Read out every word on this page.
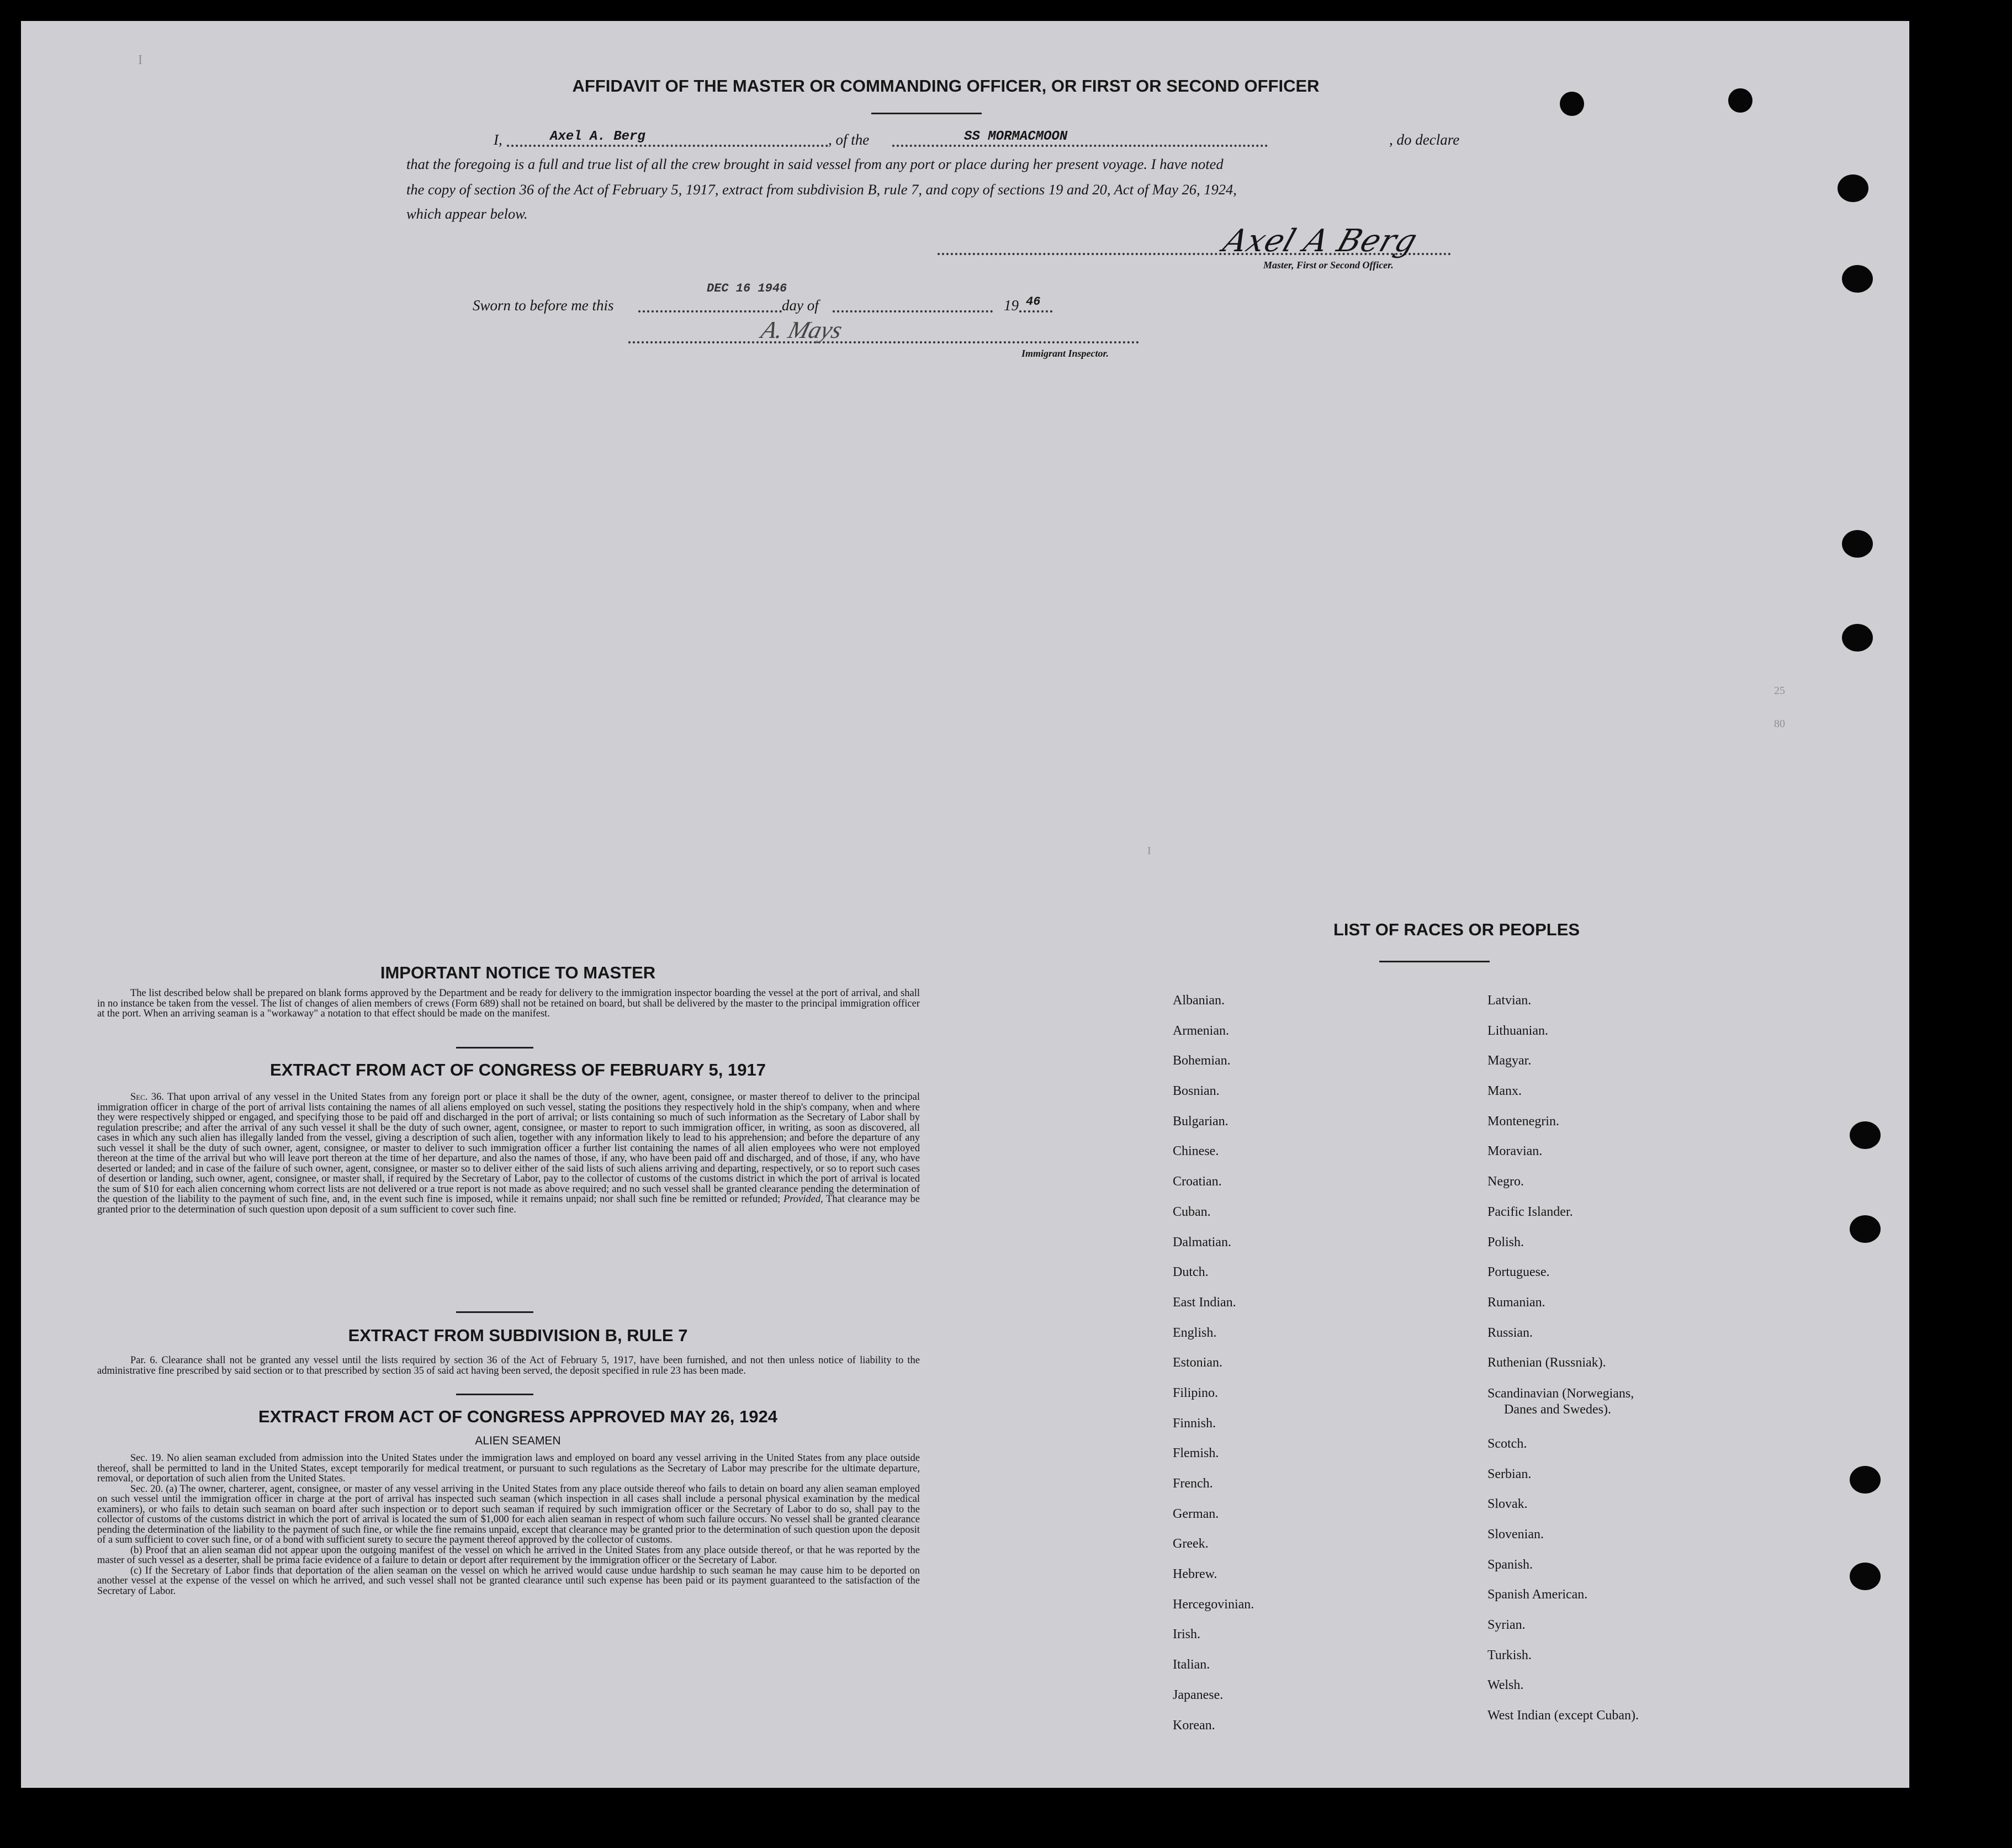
I
25
80
I
AFFIDAVIT OF THE MASTER OR COMMANDING OFFICER, OR FIRST OR SECOND OFFICER
I,	Axel A. Berg	, of the	SS MORMACMOON	, do declare
that the foregoing is a full and true list of all the crew brought in said vessel from any port or place during her present voyage. I have noted
the copy of section 36 of the Act of February 5, 1917, extract from subdivision B, rule 7, and copy of sections 19 and 20, Act of May 26, 1924,
which appear below.
Axel A Berg
Master, First or Second Officer.
Sworn to before me this
DEC 16 1946
day of	19 46
A. Mays
Immigrant Inspector.
IMPORTANT NOTICE TO MASTER

The list described below shall be prepared on blank forms approved by the Department and be ready for delivery to the immigration inspector boarding the vessel at the port of arrival, and shall in no instance be taken from the vessel. The list of changes of alien members of crews (Form 689) shall not be retained on board, but shall be delivered by the master to the principal immigration officer at the port. When an arriving seaman is a "workaway" a notation to that effect should be made on the manifest.

EXTRACT FROM ACT OF CONGRESS OF FEBRUARY 5, 1917

Sec. 36. That upon arrival of any vessel in the United States from any foreign port or place it shall be the duty of the owner, agent, consignee, or master thereof to deliver to the principal immigration officer in charge of the port of arrival lists containing the names of all aliens employed on such vessel, stating the positions they respectively hold in the ship's company, when and where they were respectively shipped or engaged, and specifying those to be paid off and discharged in the port of arrival; or lists containing so much of such information as the Secretary of Labor shall by regulation prescribe; and after the arrival of any such vessel it shall be the duty of such owner, agent, consignee, or master to report to such immigration officer, in writing, as soon as discovered, all cases in which any such alien has illegally landed from the vessel, giving a description of such alien, together with any information likely to lead to his apprehension; and before the departure of any such vessel it shall be the duty of such owner, agent, consignee, or master to deliver to such immigration officer a further list containing the names of all alien employees who were not employed thereon at the time of the arrival but who will leave port thereon at the time of her departure, and also the names of those, if any, who have been paid off and discharged, and of those, if any, who have deserted or landed; and in case of the failure of such owner, agent, consignee, or master so to deliver either of the said lists of such aliens arriving and departing, respectively, or so to report such cases of desertion or landing, such owner, agent, consignee, or master shall, if required by the Secretary of Labor, pay to the collector of customs of the customs district in which the port of arrival is located the sum of $10 for each alien concerning whom correct lists are not delivered or a true report is not made as above required; and no such vessel shall be granted clearance pending the determination of the question of the liability to the payment of such fine, and, in the event such fine is imposed, while it remains unpaid; nor shall such fine be remitted or refunded; Provided, That clearance may be granted prior to the determination of such question upon deposit of a sum sufficient to cover such fine.

EXTRACT FROM SUBDIVISION B, RULE 7

Par. 6. Clearance shall not be granted any vessel until the lists required by section 36 of the Act of February 5, 1917, have been furnished, and not then unless notice of liability to the administrative fine prescribed by said section or to that prescribed by section 35 of said act having been served, the deposit specified in rule 23 has been made.

EXTRACT FROM ACT OF CONGRESS APPROVED MAY 26, 1924
ALIEN SEAMEN

Sec. 19. No alien seaman excluded from admission into the United States under the immigration laws and employed on board any vessel arriving in the United States from any place outside thereof, shall be permitted to land in the United States, except temporarily for medical treatment, or pursuant to such regulations as the Secretary of Labor may prescribe for the ultimate departure, removal, or deportation of such alien from the United States.

Sec. 20. (a) The owner, charterer, agent, consignee, or master of any vessel arriving in the United States from any place outside thereof who fails to detain on board any alien seaman employed on such vessel until the immigration officer in charge at the port of arrival has inspected such seaman (which inspection in all cases shall include a personal physical examination by the medical examiners), or who fails to detain such seaman on board after such inspection or to deport such seaman if required by such immigration officer or the Secretary of Labor to do so, shall pay to the collector of customs of the customs district in which the port of arrival is located the sum of $1,000 for each alien seaman in respect of whom such failure occurs. No vessel shall be granted clearance pending the determination of the liability to the payment of such fine, or while the fine remains unpaid, except that clearance may be granted prior to the determination of such question upon the deposit of a sum sufficient to cover such fine, or of a bond with sufficient surety to secure the payment thereof approved by the collector of customs.

(b) Proof that an alien seaman did not appear upon the outgoing manifest of the vessel on which he arrived in the United States from any place outside thereof, or that he was reported by the master of such vessel as a deserter, shall be prima facie evidence of a failure to detain or deport after requirement by the immigration officer or the Secretary of Labor.

(c) If the Secretary of Labor finds that deportation of the alien seaman on the vessel on which he arrived would cause undue hardship to such seaman he may cause him to be deported on another vessel at the expense of the vessel on which he arrived, and such vessel shall not be granted clearance until such expense has been paid or its payment guaranteed to the satisfaction of the Secretary of Labor.

LIST OF RACES OR PEOPLES
Albanian.
Armenian.
Bohemian.
Bosnian.
Bulgarian.
Chinese.
Croatian.
Cuban.
Dalmatian.
Dutch.
East Indian.
English.
Estonian.
Filipino.
Finnish.
Flemish.
French.
German.
Greek.
Hebrew.
Hercegovinian.
Irish.
Italian.
Japanese.
Korean.
Latvian.
Lithuanian.
Magyar.
Manx.
Montenegrin.
Moravian.
Negro.
Pacific Islander.
Polish.
Portuguese.
Rumanian.
Russian.
Ruthenian (Russniak).
Scandinavian (Norwegians,
Danes and Swedes).
Scotch.
Serbian.
Slovak.
Slovenian.
Spanish.
Spanish American.
Syrian.
Turkish.
Welsh.
West Indian (except Cuban).
